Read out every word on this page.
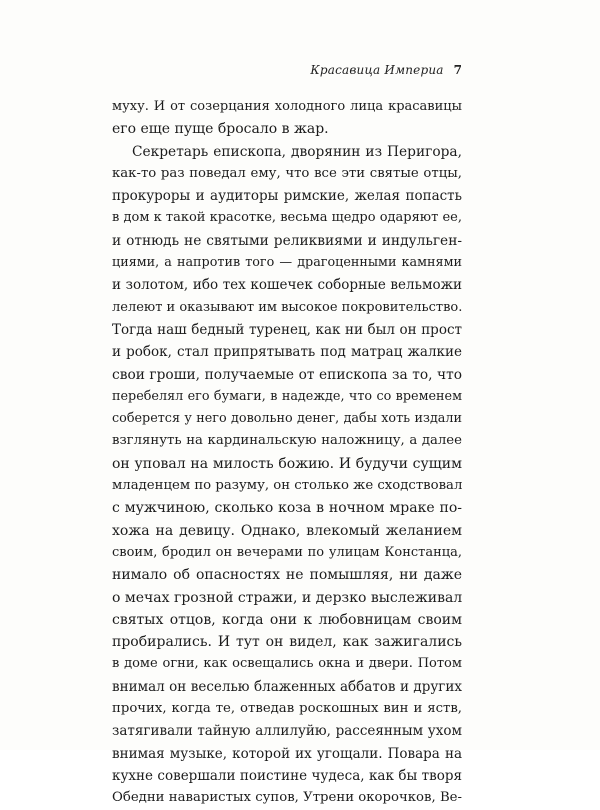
Красавица Империа 7
муху. И от созерцания холодного лица красавицы
его еще пуще бросало в жар.
Секретарь епископа, дворянин из Перигора,
как-то раз поведал ему, что все эти святые отцы,
прокуроры и аудиторы римские, желая попасть
в дом к такой красотке, весьма щедро одаряют ее,
и отнюдь не святыми реликвиями и индульген-
циями, а напротив того — драгоценными камнями
и золотом, ибо тех кошечек соборные вельможи
лелеют и оказывают им высокое покровительство.
Тогда наш бедный туренец, как ни был он прост
и робок, стал припрятывать под матрац жалкие
свои гроши, получаемые от епископа за то, что
перебелял его бумаги, в надежде, что со временем
соберется у него довольно денег, дабы хоть издали
взглянуть на кардинальскую наложницу, а далее
он уповал на милость божию. И будучи сущим
младенцем по разуму, он столько же сходствовал
с мужчиною, сколько коза в ночном мраке по-
хожа на девицу. Однако, влекомый желанием
своим, бродил он вечерами по улицам Констанца,
нимало об опасностях не помышляя, ни даже
о мечах грозной стражи, и дерзко выслеживал
святых отцов, когда они к любовницам своим
пробирались. И тут он видел, как зажигались
в доме огни, как освещались окна и двери. Потом
внимал он веселью блаженных аббатов и других
прочих, когда те, отведав роскошных вин и яств,
затягивали тайную аллилуйю, рассеянным ухом
внимая музыке, которой их угощали. Повара на
кухне совершали поистине чудеса, как бы творя
Обедни наваристых супов, Утрени окорочков, Ве-
